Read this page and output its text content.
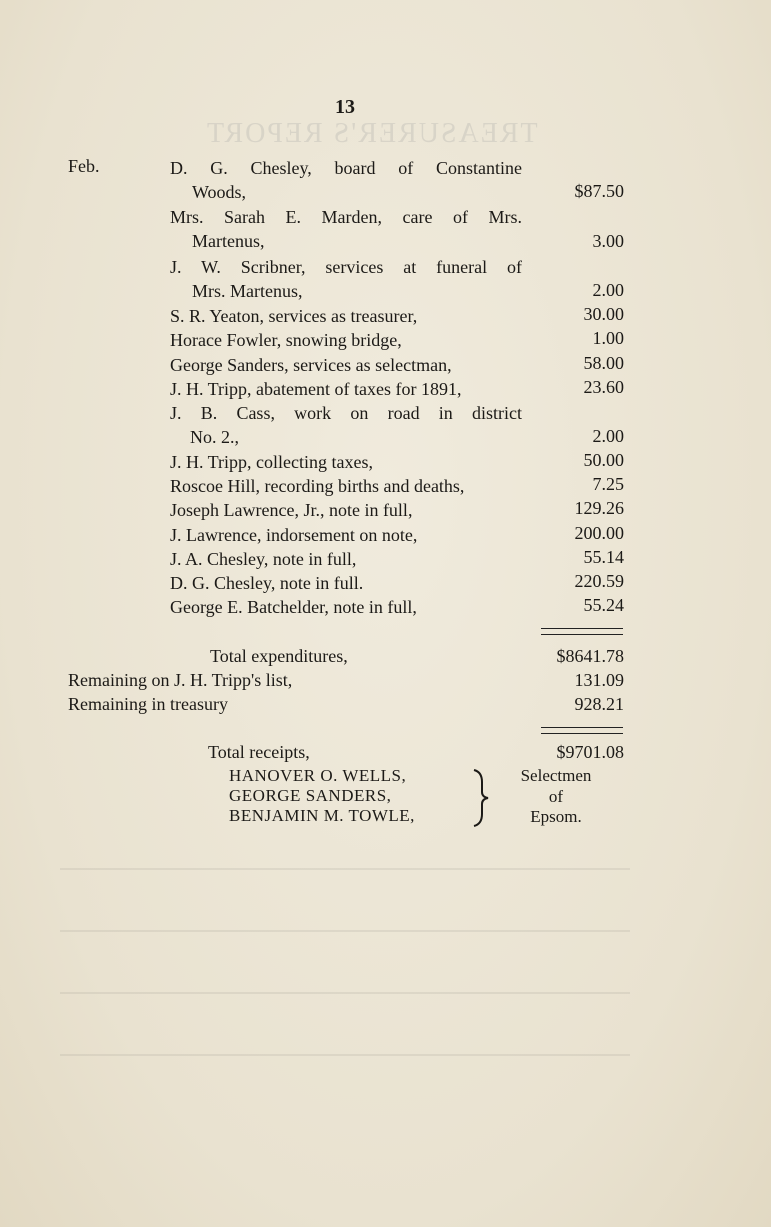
TREASURER'S REPORT
13
Feb.	D. G. Chesley, board of Constantine
Woods,	$87.50
Mrs. Sarah E. Marden, care of Mrs.
Martenus,	3.00
J. W. Scribner, services at funeral of
Mrs. Martenus,	2.00
S. R. Yeaton, services as treasurer,	30.00
Horace Fowler, snowing bridge,	1.00
George Sanders, services as selectman,	58.00
J. H. Tripp, abatement of taxes for 1891,	23.60
J. B. Cass, work on road in district
No. 2.,	2.00
J. H. Tripp, collecting taxes,	50.00
Roscoe Hill, recording births and deaths,	7.25
Joseph Lawrence, Jr., note in full,	129.26
J. Lawrence, indorsement on note,	200.00
J. A. Chesley, note in full,	55.14
D. G. Chesley, note in full.	220.59
George E. Batchelder, note in full,	55.24
Total expenditures,	$8641.78
Remaining on J. H. Tripp's list,	131.09
Remaining in treasury	928.21
Total receipts,	$9701.08
HANOVER O. WELLS,
GEORGE SANDERS,
BENJAMIN M. TOWLE,
Selectmen
of
Epsom.
